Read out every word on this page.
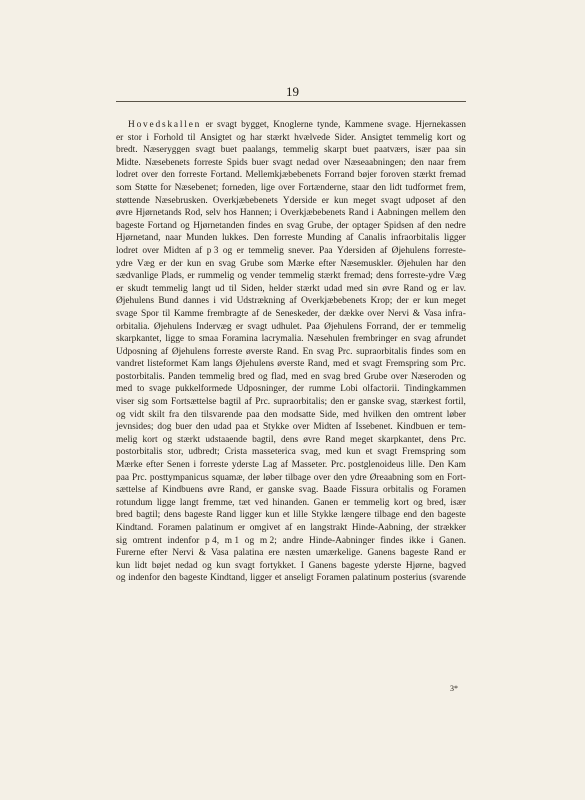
19
Hovedskallen er svagt bygget, Knoglerne tynde, Kammene svage. Hjernekassen
er stor i Forhold til Ansigtet og har stærkt hvælvede Sider. Ansigtet temmelig kort og
bredt. Næseryggen svagt buet paalangs, temmelig skarpt buet paatværs, især paa sin
Midte. Næsebenets forreste Spids buer svagt nedad over Næseaabningen; den naar frem
lodret over den forreste Fortand. Mellemkjæbebenets Forrand bøjer foroven stærkt fremad
som Støtte for Næsebenet; forneden, lige over Fortænderne, staar den lidt tudformet frem,
støttende Næsebrusken. Overkjæbebenets Yderside er kun meget svagt udposet af den
øvre Hjørnetands Rod, selv hos Hannen; i Overkjæbebenets Rand i Aabningen mellem den
bageste Fortand og Hjørnetanden findes en svag Grube, der optager Spidsen af den nedre
Hjørnetand, naar Munden lukkes. Den forreste Munding af Canalis infraorbitalis ligger
lodret over Midten af p 3 og er temmelig snever. Paa Ydersiden af Øjehulens forreste-
ydre Væg er der kun en svag Grube som Mærke efter Næsemuskler. Øjehulen har den
sædvanlige Plads, er rummelig og vender temmelig stærkt fremad; dens forreste-ydre Væg
er skudt temmelig langt ud til Siden, helder stærkt udad med sin øvre Rand og er lav.
Øjehulens Bund dannes i vid Udstrækning af Overkjæbebenets Krop; der er kun meget
svage Spor til Kamme frembragte af de Seneskeder, der dække over Nervi & Vasa infra-
orbitalia. Øjehulens Indervæg er svagt udhulet. Paa Øjehulens Forrand, der er temmelig
skarpkantet, ligge to smaa Foramina lacrymalia. Næsehulen frembringer en svag afrundet
Udposning af Øjehulens forreste øverste Rand. En svag Prc. supraorbitalis findes som en
vandret listeformet Kam langs Øjehulens øverste Rand, med et svagt Fremspring som Prc.
postorbitalis. Panden temmelig bred og flad, med en svag bred Grube over Næseroden og
med to svage pukkelformede Udposninger, der rumme Lobi olfactorii. Tindingkammen
viser sig som Fortsættelse bagtil af Prc. supraorbitalis; den er ganske svag, stærkest fortil,
og vidt skilt fra den tilsvarende paa den modsatte Side, med hvilken den omtrent løber
jevnsides; dog buer den udad paa et Stykke over Midten af Issebenet. Kindbuen er tem-
melig kort og stærkt udstaaende bagtil, dens øvre Rand meget skarpkantet, dens Prc.
postorbitalis stor, udbredt; Crista masseterica svag, med kun et svagt Fremspring som
Mærke efter Senen i forreste yderste Lag af Masseter. Prc. postglenoideus lille. Den Kam
paa Prc. posttympanicus squamæ, der løber tilbage over den ydre Øreaabning som en Fort-
sættelse af Kindbuens øvre Rand, er ganske svag. Baade Fissura orbitalis og Foramen
rotundum ligge langt fremme, tæt ved hinanden. Ganen er temmelig kort og bred, især
bred bagtil; dens bageste Rand ligger kun et lille Stykke længere tilbage end den bageste
Kindtand. Foramen palatinum er omgivet af en langstrakt Hinde-Aabning, der strækker
sig omtrent indenfor p 4, m 1 og m 2; andre Hinde-Aabninger findes ikke i Ganen.
Furerne efter Nervi & Vasa palatina ere næsten umærkelige. Ganens bageste Rand er
kun lidt bøjet nedad og kun svagt fortykket. I Ganens bageste yderste Hjørne, bagved
og indenfor den bageste Kindtand, ligger et anseligt Foramen palatinum posterius (svarende
3*
